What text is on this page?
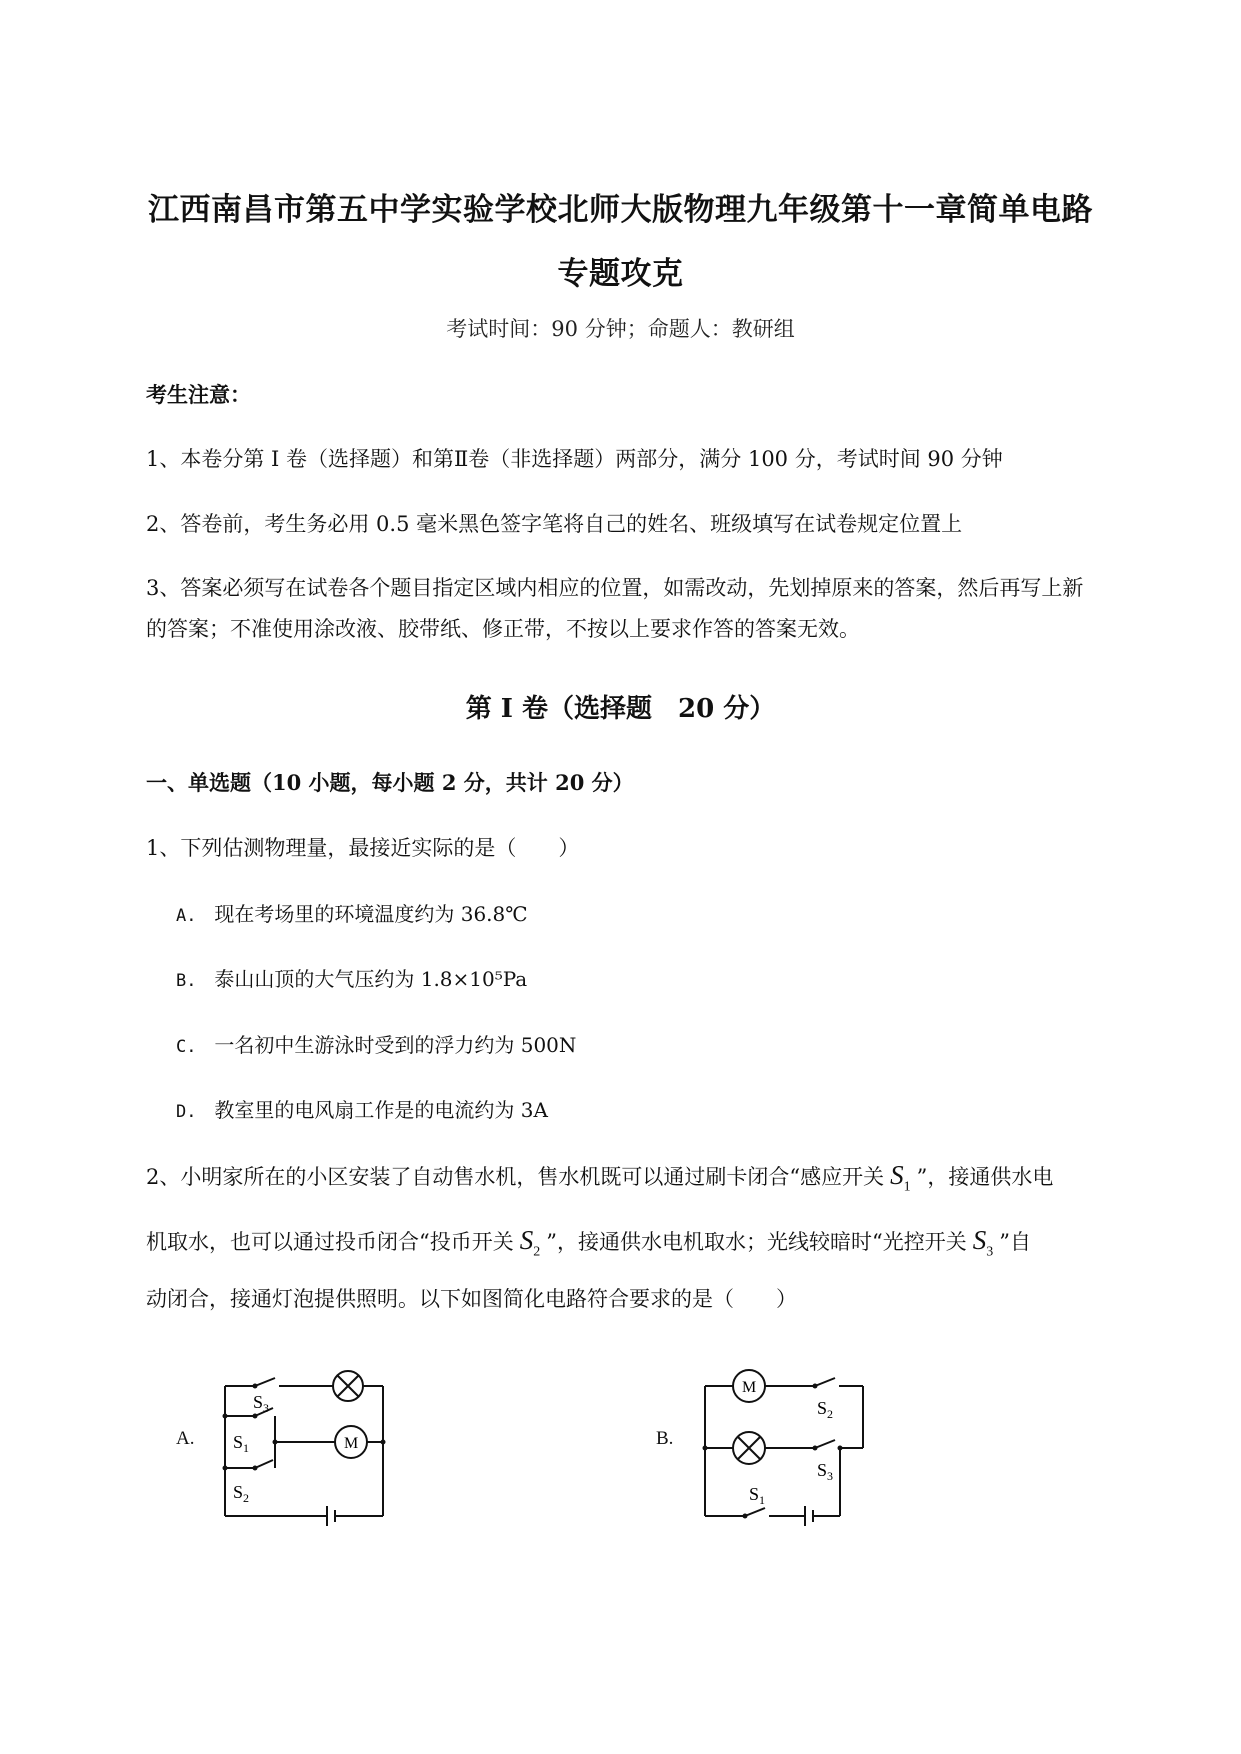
江西南昌市第五中学实验学校北师大版物理九年级第十一章简单电路
专题攻克
考试时间：90 分钟；命题人：教研组
考生注意：
1、本卷分第 I 卷（选择题）和第Ⅱ卷（非选择题）两部分，满分 100 分，考试时间 90 分钟
2、答卷前，考生务必用 0.5 毫米黑色签字笔将自己的姓名、班级填写在试卷规定位置上
3、答案必须写在试卷各个题目指定区域内相应的位置，如需改动，先划掉原来的答案，然后再写上新
的答案；不准使用涂改液、胶带纸、修正带，不按以上要求作答的答案无效。
第 I 卷（选择题　20 分）
一、单选题（10 小题，每小题 2 分，共计 20 分）
1、下列估测物理量，最接近实际的是（　　）
A. 现在考场里的环境温度约为 36.8℃
B. 泰山山顶的大气压约为 1.8×10⁵Pa
C. 一名初中生游泳时受到的浮力约为 500N
D. 教室里的电风扇工作是的电流约为 3A
2、小明家所在的小区安装了自动售水机，售水机既可以通过刷卡闭合“感应开关 $S_1$ ”，接通供水电
机取水，也可以通过投币闭合“投币开关 $S_2$ ”，接通供水电机取水；光线较暗时“光控开关 $S_3$ ”自
动闭合，接通灯泡提供照明。以下如图简化电路符合要求的是（　　）
A.
$S_3$
$S_1$
$S_2$
M	B.
M
$S_2$
$S_3$
$S_1$
